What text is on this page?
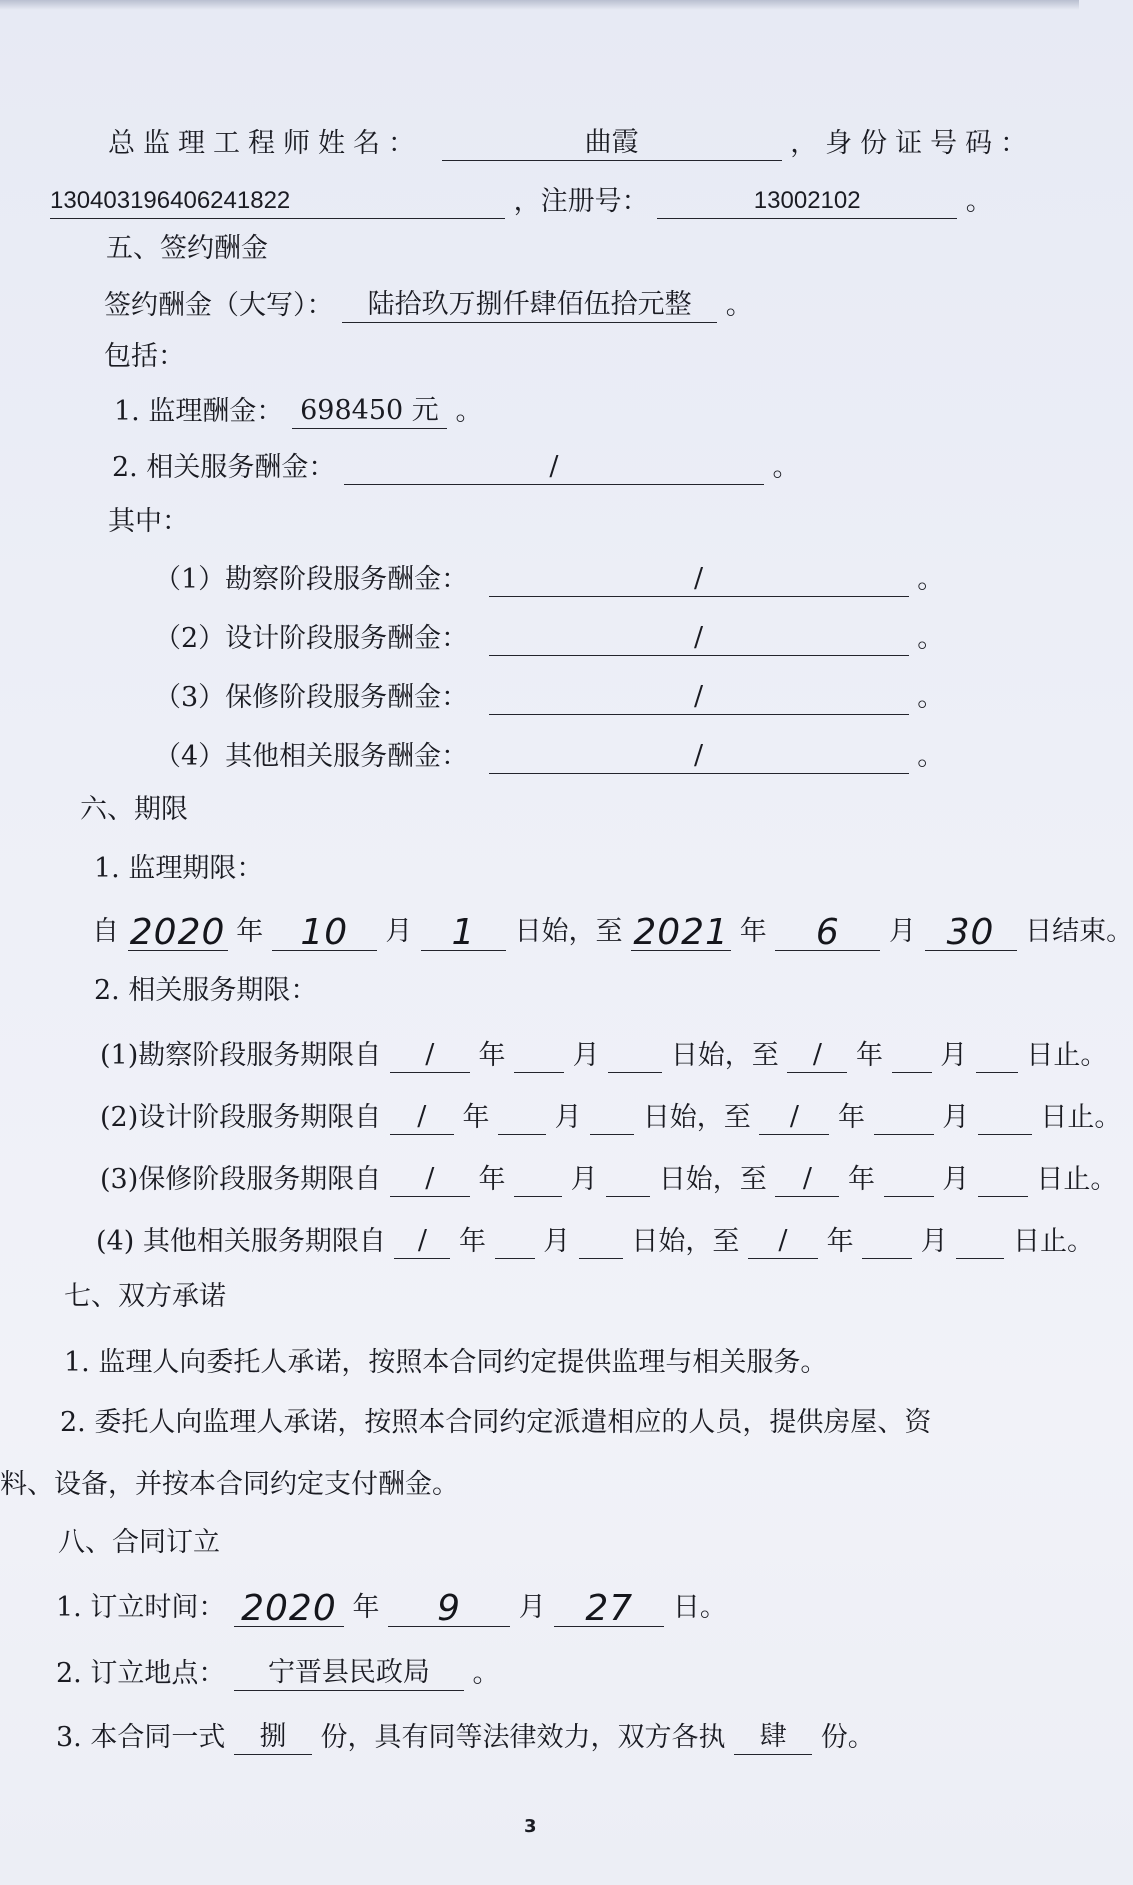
总监理工程师姓名：	曲霞	，身份证号码：
130403196406241822	，注册号：	13002102	。
五、签约酬金
签约酬金（大写）： 陆拾玖万捌仟肆佰伍拾元整 。
包括：
1. 监理酬金： 698450 元 。
2. 相关服务酬金：	/	。
其中：
（1）勘察阶段服务酬金：	/	。
（2）设计阶段服务酬金：	/	。
（3）保修阶段服务酬金：	/	。
（4）其他相关服务酬金：	/	。
六、期限
1. 监理期限：
自 2020 年 10 月 1 日始，至 2021 年 6 月 30 日结束。
2. 相关服务期限：
(1)勘察阶段服务期限自 / 年 月	日始，至 / 年 月 日止。
(2)设计阶段服务期限自 / 年 月 日始，至 / 年	月	日止。
(3)保修阶段服务期限自 / 年 月 日始，至 / 年 月 日止。
(4) 其他相关服务期限自 / 年 月 日始，至 / 年 月 日止。
七、双方承诺
1. 监理人向委托人承诺，按照本合同约定提供监理与相关服务。
2. 委托人向监理人承诺，按照本合同约定派遣相应的人员，提供房屋、资
料、设备，并按本合同约定支付酬金。
八、合同订立
1. 订立时间： 2020 年 9 月 27 日。
2. 订立地点： 宁晋县民政局 。
3. 本合同一式 捌 份，具有同等法律效力，双方各执 肆 份。
3
